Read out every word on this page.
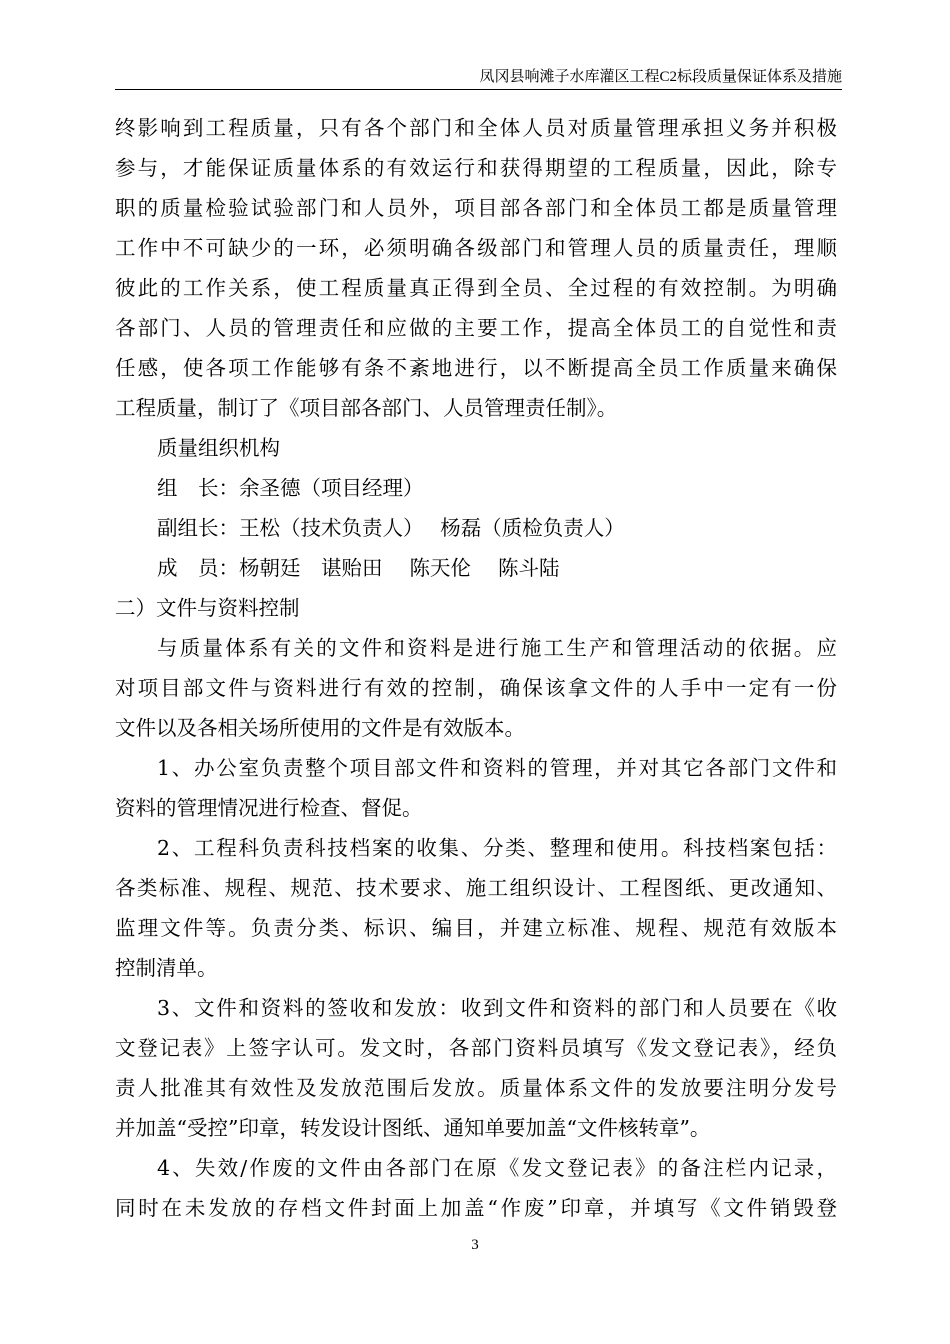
凤冈县响滩子水库灌区工程C2标段质量保证体系及措施
终影响到工程质量，只有各个部门和全体人员对质量管理承担义务并积极
参与，才能保证质量体系的有效运行和获得期望的工程质量，因此，除专
职的质量检验试验部门和人员外，项目部各部门和全体员工都是质量管理
工作中不可缺少的一环，必须明确各级部门和管理人员的质量责任，理顺
彼此的工作关系，使工程质量真正得到全员、全过程的有效控制。为明确
各部门、人员的管理责任和应做的主要工作，提高全体员工的自觉性和责
任感，使各项工作能够有条不紊地进行，以不断提高全员工作质量来确保
工程质量，制订了《项目部各部门、人员管理责任制》。
质量组织机构
组　长：余圣德（项目经理）
副组长：王松（技术负责人）　 杨磊（质检负责人）
成　员：杨朝廷　谌贻田　 陈天伦　 陈斗陆
二）文件与资料控制
与质量体系有关的文件和资料是进行施工生产和管理活动的依据。应
对项目部文件与资料进行有效的控制，确保该拿文件的人手中一定有一份
文件以及各相关场所使用的文件是有效版本。
1、办公室负责整个项目部文件和资料的管理，并对其它各部门文件和
资料的管理情况进行检查、督促。
2、工程科负责科技档案的收集、分类、整理和使用。科技档案包括：
各类标准、规程、规范、技术要求、施工组织设计、工程图纸、更改通知、
监理文件等。负责分类、标识、编目，并建立标准、规程、规范有效版本
控制清单。
3、文件和资料的签收和发放：收到文件和资料的部门和人员要在《收
文登记表》上签字认可。发文时，各部门资料员填写《发文登记表》，经负
责人批准其有效性及发放范围后发放。质量体系文件的发放要注明分发号
并加盖“受控”印章，转发设计图纸、通知单要加盖“文件核转章”。
4、失效/作废的文件由各部门在原《发文登记表》的备注栏内记录，
同时在未发放的存档文件封面上加盖“作废”印章，并填写《文件销毁登
3
